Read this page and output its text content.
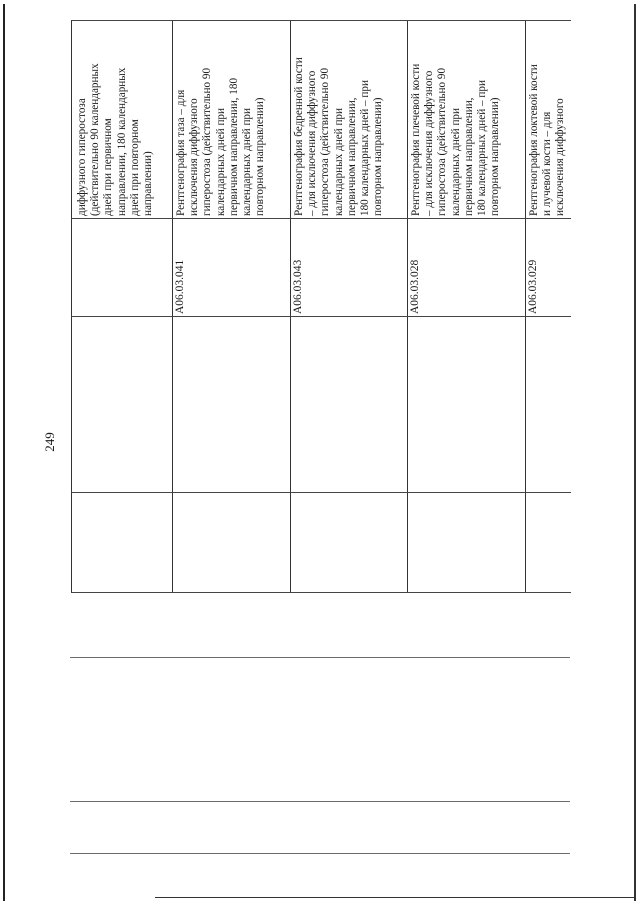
249
диффузного гиперостоза (действительно 90 календарных дней при первичном направлении, 180 календарных дней при повторном направлении)
A06.03.041
Рентгенография таза – для исключения диффузного гиперостоза (действительно 90 календарных дней при первичном направлении, 180 календарных дней при повторном направлении)
A06.03.043
Рентгенография бедренной кости – для исключения диффузного гиперостоза (действительно 90 календарных дней при первичном направлении, 180 календарных дней – при повторном направлении)
A06.03.028
Рентгенография плечевой кости – для исключения диффузного гиперостоза (действительно 90 календарных дней при первичном направлении, 180 календарных дней – при повторном направлении)
A06.03.029
Рентгенография локтевой кости и лучевой кости – для исключения диффузного
